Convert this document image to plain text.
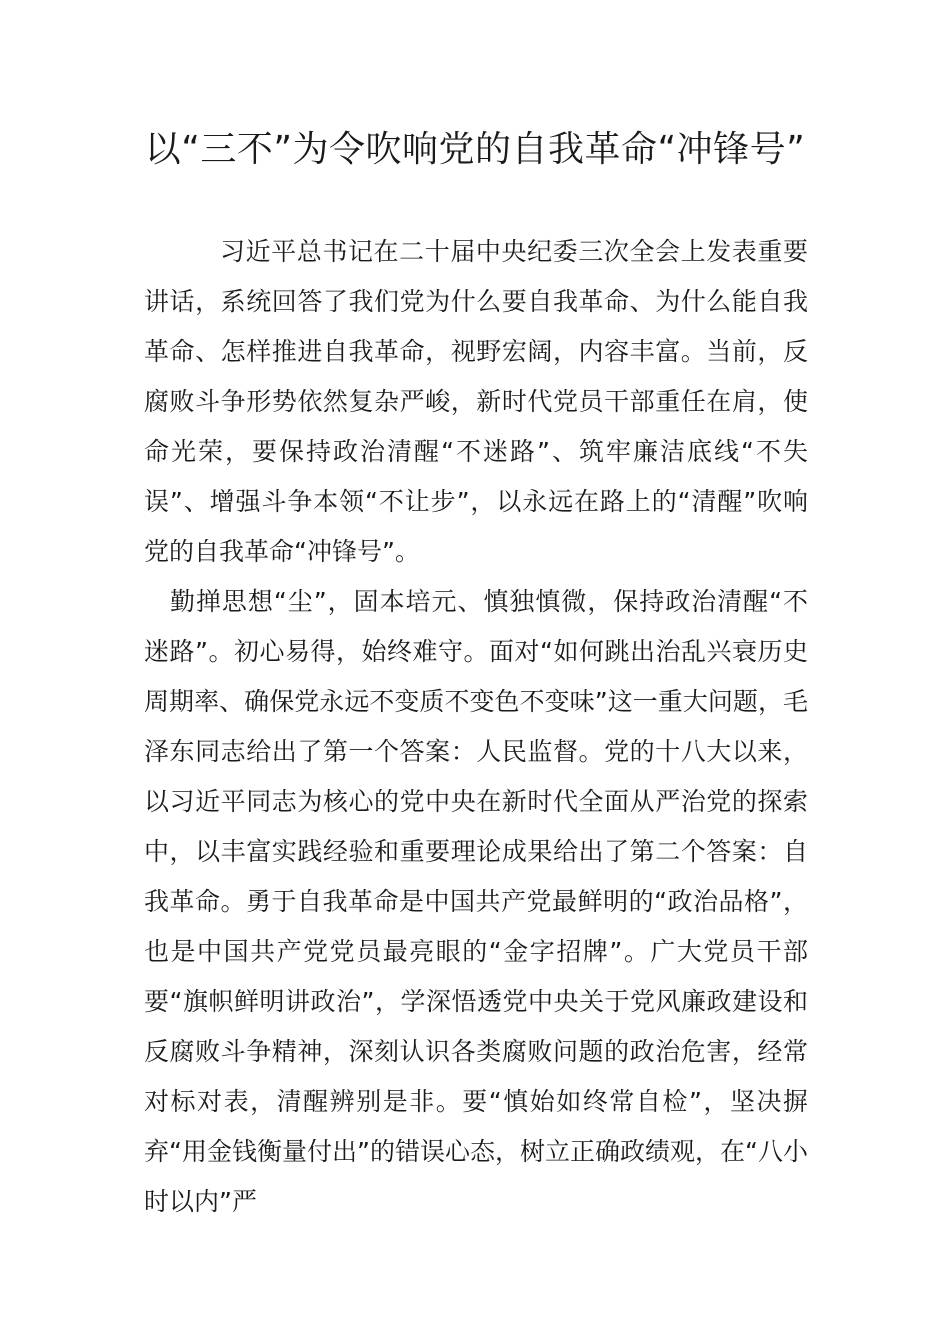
以“三不”为令吹响党的自我革命“冲锋号”

习近平总书记在二十届中央纪委三次全会上发表重要讲话，系统回答了我们党为什么要自我革命、为什么能自我革命、怎样推进自我革命，视野宏阔，内容丰富。当前，反腐败斗争形势依然复杂严峻，新时代党员干部重任在肩，使命光荣，要保持政治清醒“不迷路”、筑牢廉洁底线“不失误”、增强斗争本领“不让步”，以永远在路上的“清醒”吹响党的自我革命“冲锋号”。

勤掸思想“尘”，固本培元、慎独慎微，保持政治清醒“不迷路”。初心易得，始终难守。面对“如何跳出治乱兴衰历史周期率、确保党永远不变质不变色不变味”这一重大问题，毛泽东同志给出了第一个答案：人民监督。党的十八大以来，以习近平同志为核心的党中央在新时代全面从严治党的探索中，以丰富实践经验和重要理论成果给出了第二个答案：自我革命。勇于自我革命是中国共产党最鲜明的“政治品格”，也是中国共产党党员最亮眼的“金字招牌”。广大党员干部要“旗帜鲜明讲政治”，学深悟透党中央关于党风廉政建设和反腐败斗争精神，深刻认识各类腐败问题的政治危害，经常对标对表，清醒辨别是非。要“慎始如终常自检”，坚决摒弃“用金钱衡量付出”的错误心态，树立正确政绩观，在“八小时以内”严
